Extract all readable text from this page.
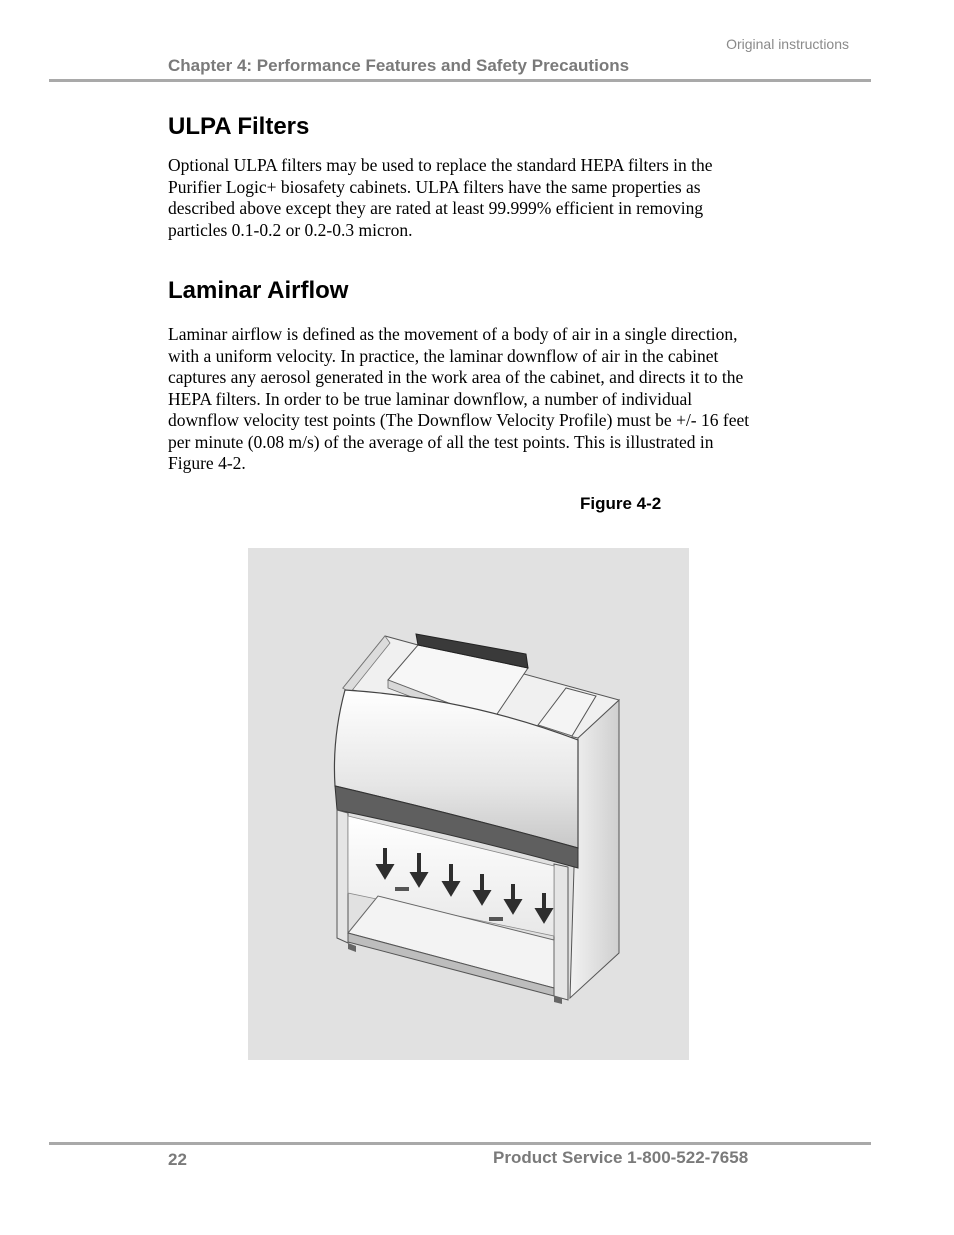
Original instructions
Chapter 4: Performance Features and Safety Precautions
ULPA Filters

Optional ULPA filters may be used to replace the standard HEPA filters in the Purifier Logic+ biosafety cabinets. ULPA filters have the same properties as described above except they are rated at least 99.999% efficient in removing particles 0.1-0.2 or 0.2-0.3 micron.

Laminar Airflow

Laminar airflow is defined as the movement of a body of air in a single direction, with a uniform velocity. In practice, the laminar downflow of air in the cabinet captures any aerosol generated in the work area of the cabinet, and directs it to the HEPA filters. In order to be true laminar downflow, a number of individual downflow velocity test points (The Downflow Velocity Profile) must be +/- 16 feet per minute (0.08 m/s) of the average of all the test points. This is illustrated in Figure 4-2.

Figure 4-2
22	Product Service 1-800-522-7658
